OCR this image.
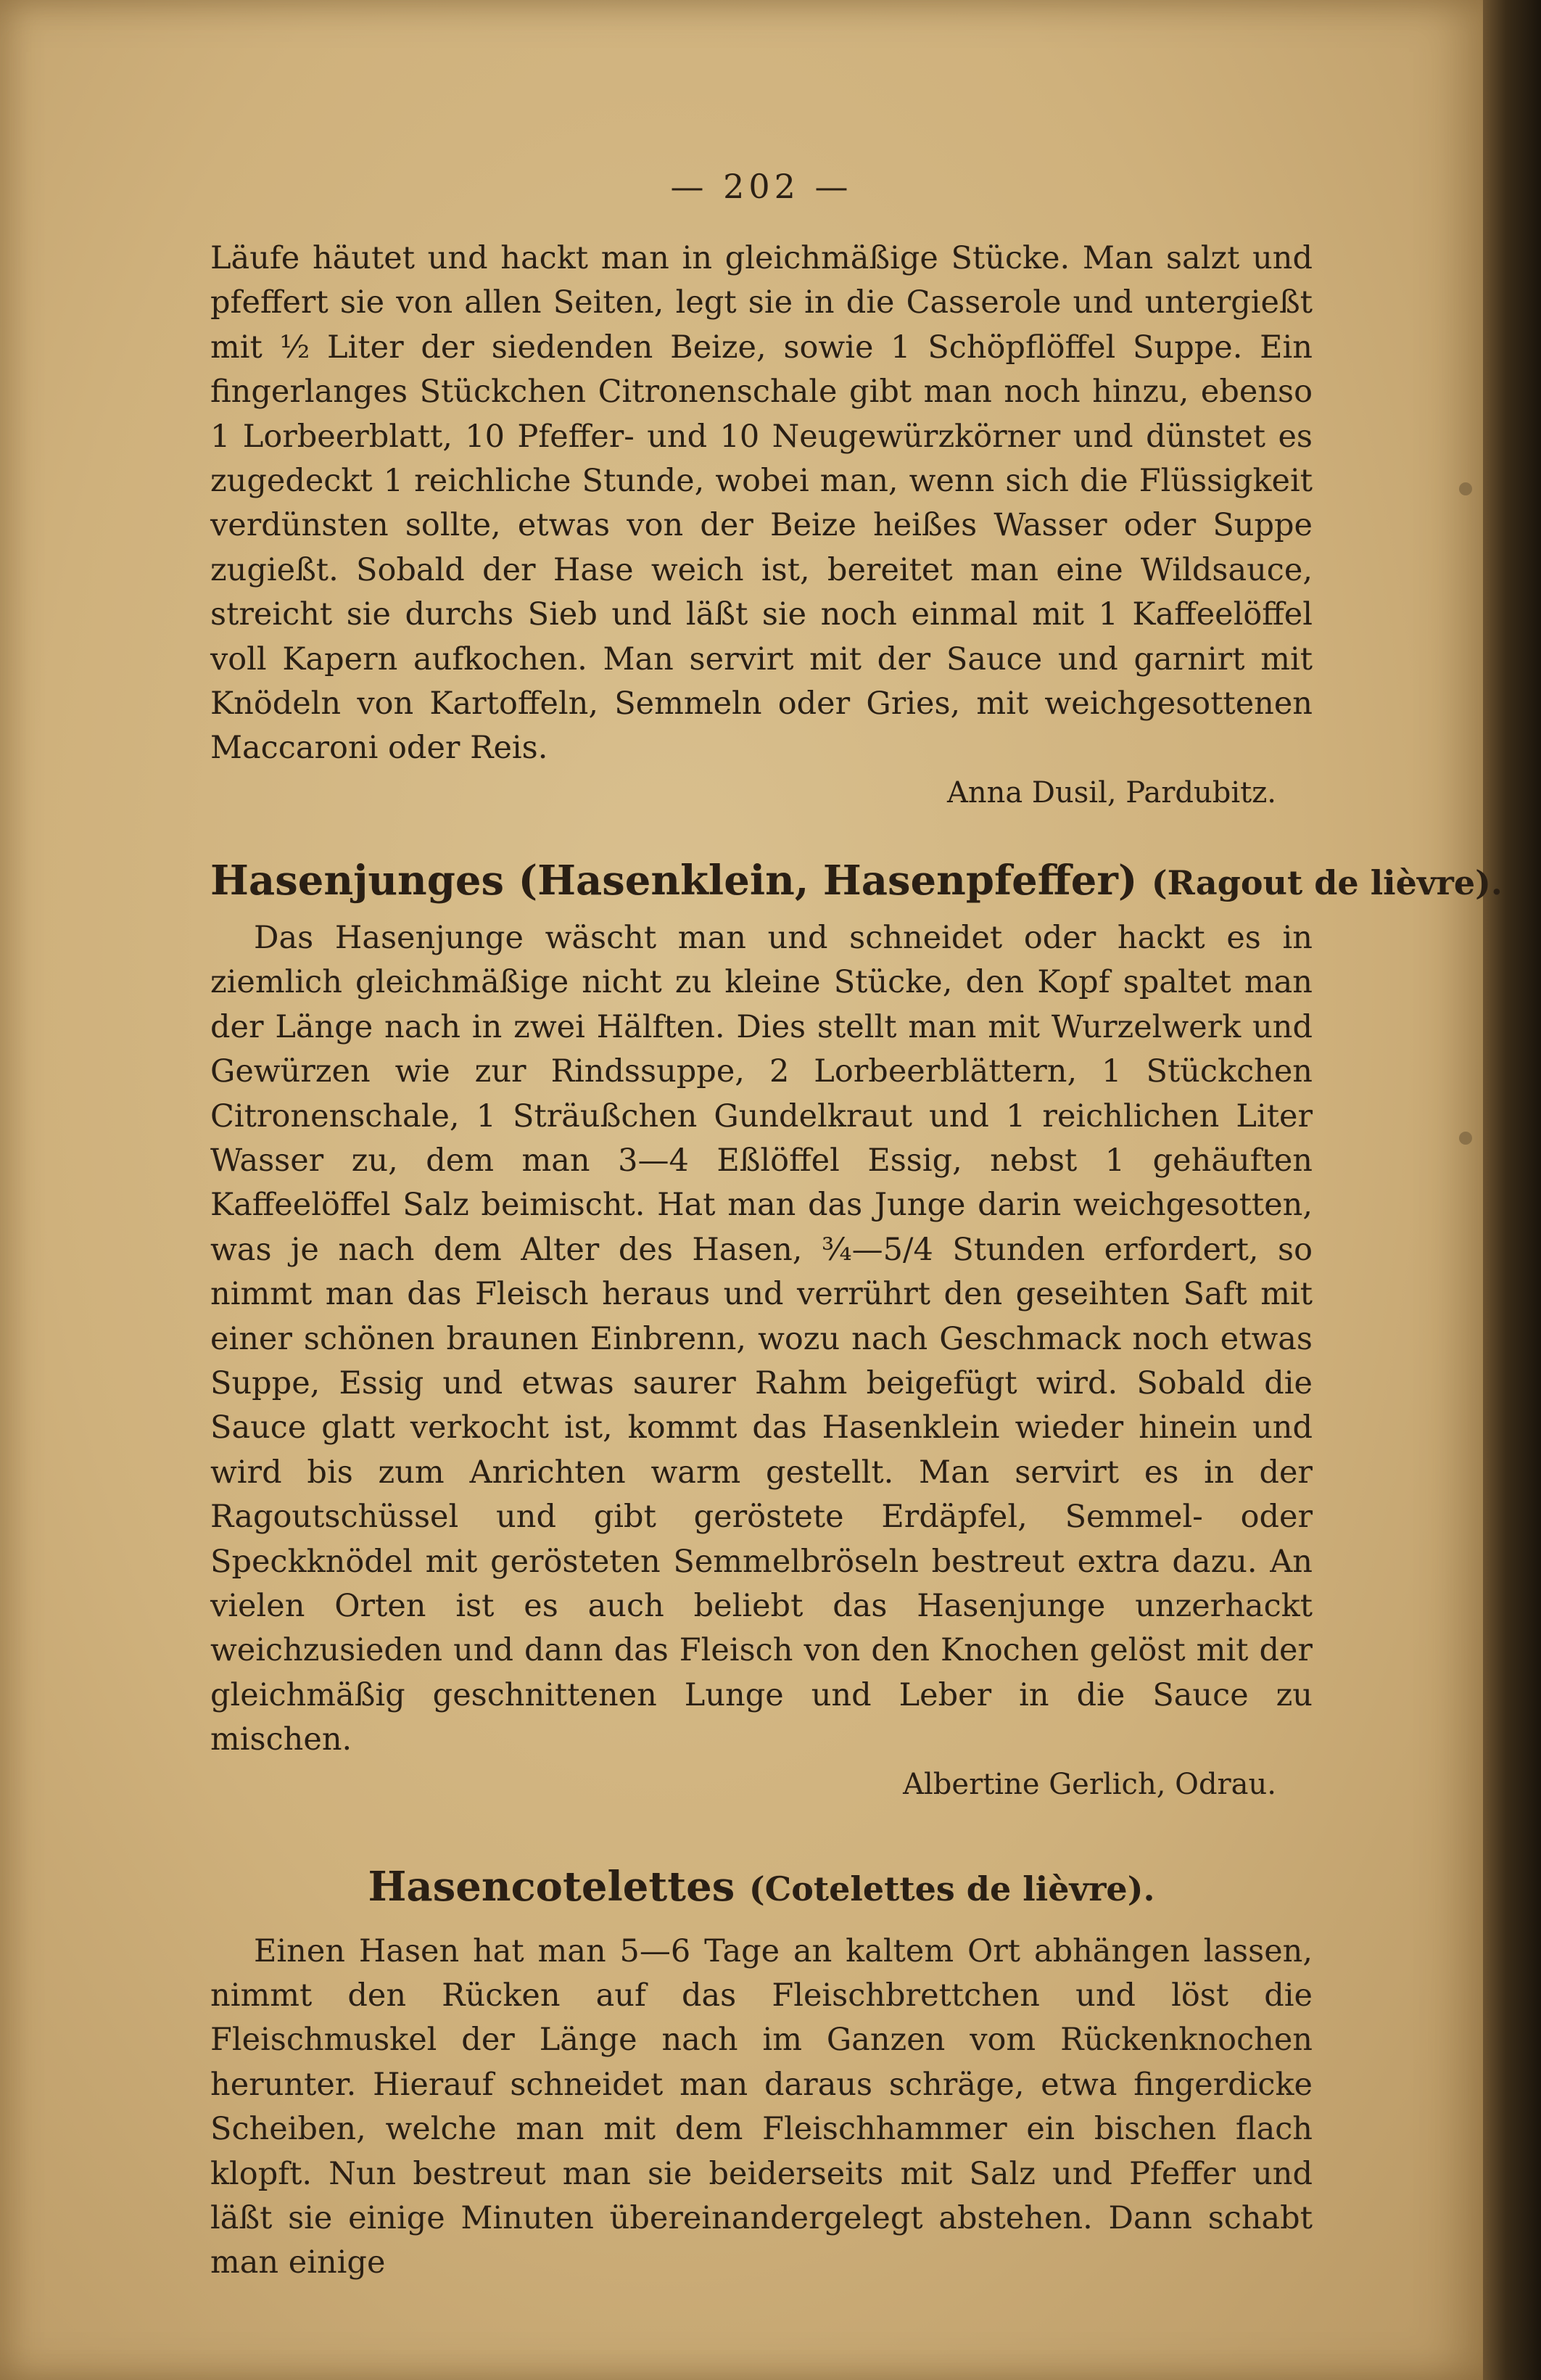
— 202 —

Läufe häutet und hackt man in gleichmäßige Stücke. Man salzt und pfeffert sie von allen Seiten, legt sie in die Casserole und untergießt mit ½ Liter der siedenden Beize, sowie 1 Schöpflöffel Suppe. Ein fingerlanges Stückchen Citronenschale gibt man noch hinzu, ebenso 1 Lorbeerblatt, 10 Pfeffer- und 10 Neugewürzkörner und dünstet es zugedeckt 1 reichliche Stunde, wobei man, wenn sich die Flüssigkeit verdünsten sollte, etwas von der Beize heißes Wasser oder Suppe zugießt. Sobald der Hase weich ist, bereitet man eine Wildsauce, streicht sie durchs Sieb und läßt sie noch einmal mit 1 Kaffeelöffel voll Kapern aufkochen. Man servirt mit der Sauce und garnirt mit Knödeln von Kartoffeln, Semmeln oder Gries, mit weichgesottenen Maccaroni oder Reis.

Anna Dusil, Pardubitz.

Hasenjunges (Hasenklein, Hasenpfeffer) (Ragout de lièvre).

Das Hasenjunge wäscht man und schneidet oder hackt es in ziemlich gleichmäßige nicht zu kleine Stücke, den Kopf spaltet man der Länge nach in zwei Hälften. Dies stellt man mit Wurzelwerk und Gewürzen wie zur Rindssuppe, 2 Lorbeerblättern, 1 Stückchen Citronenschale, 1 Sträußchen Gundelkraut und 1 reichlichen Liter Wasser zu, dem man 3—4 Eßlöffel Essig, nebst 1 gehäuften Kaffeelöffel Salz beimischt. Hat man das Junge darin weichgesotten, was je nach dem Alter des Hasen, ¾—5/4 Stunden erfordert, so nimmt man das Fleisch heraus und verrührt den geseihten Saft mit einer schönen braunen Einbrenn, wozu nach Geschmack noch etwas Suppe, Essig und etwas saurer Rahm beigefügt wird. Sobald die Sauce glatt verkocht ist, kommt das Hasenklein wieder hinein und wird bis zum Anrichten warm gestellt. Man servirt es in der Ragoutschüssel und gibt geröstete Erdäpfel, Semmel- oder Speckknödel mit gerösteten Semmelbröseln bestreut extra dazu. An vielen Orten ist es auch beliebt das Hasenjunge unzerhackt weichzusieden und dann das Fleisch von den Knochen gelöst mit der gleichmäßig geschnittenen Lunge und Leber in die Sauce zu mischen.

Albertine Gerlich, Odrau.

Hasencotelettes (Cotelettes de lièvre).

Einen Hasen hat man 5—6 Tage an kaltem Ort abhängen lassen, nimmt den Rücken auf das Fleischbrettchen und löst die Fleischmuskel der Länge nach im Ganzen vom Rückenknochen herunter. Hierauf schneidet man daraus schräge, etwa fingerdicke Scheiben, welche man mit dem Fleischhammer ein bischen flach klopft. Nun bestreut man sie beiderseits mit Salz und Pfeffer und läßt sie einige Minuten übereinandergelegt abstehen. Dann schabt man einige
